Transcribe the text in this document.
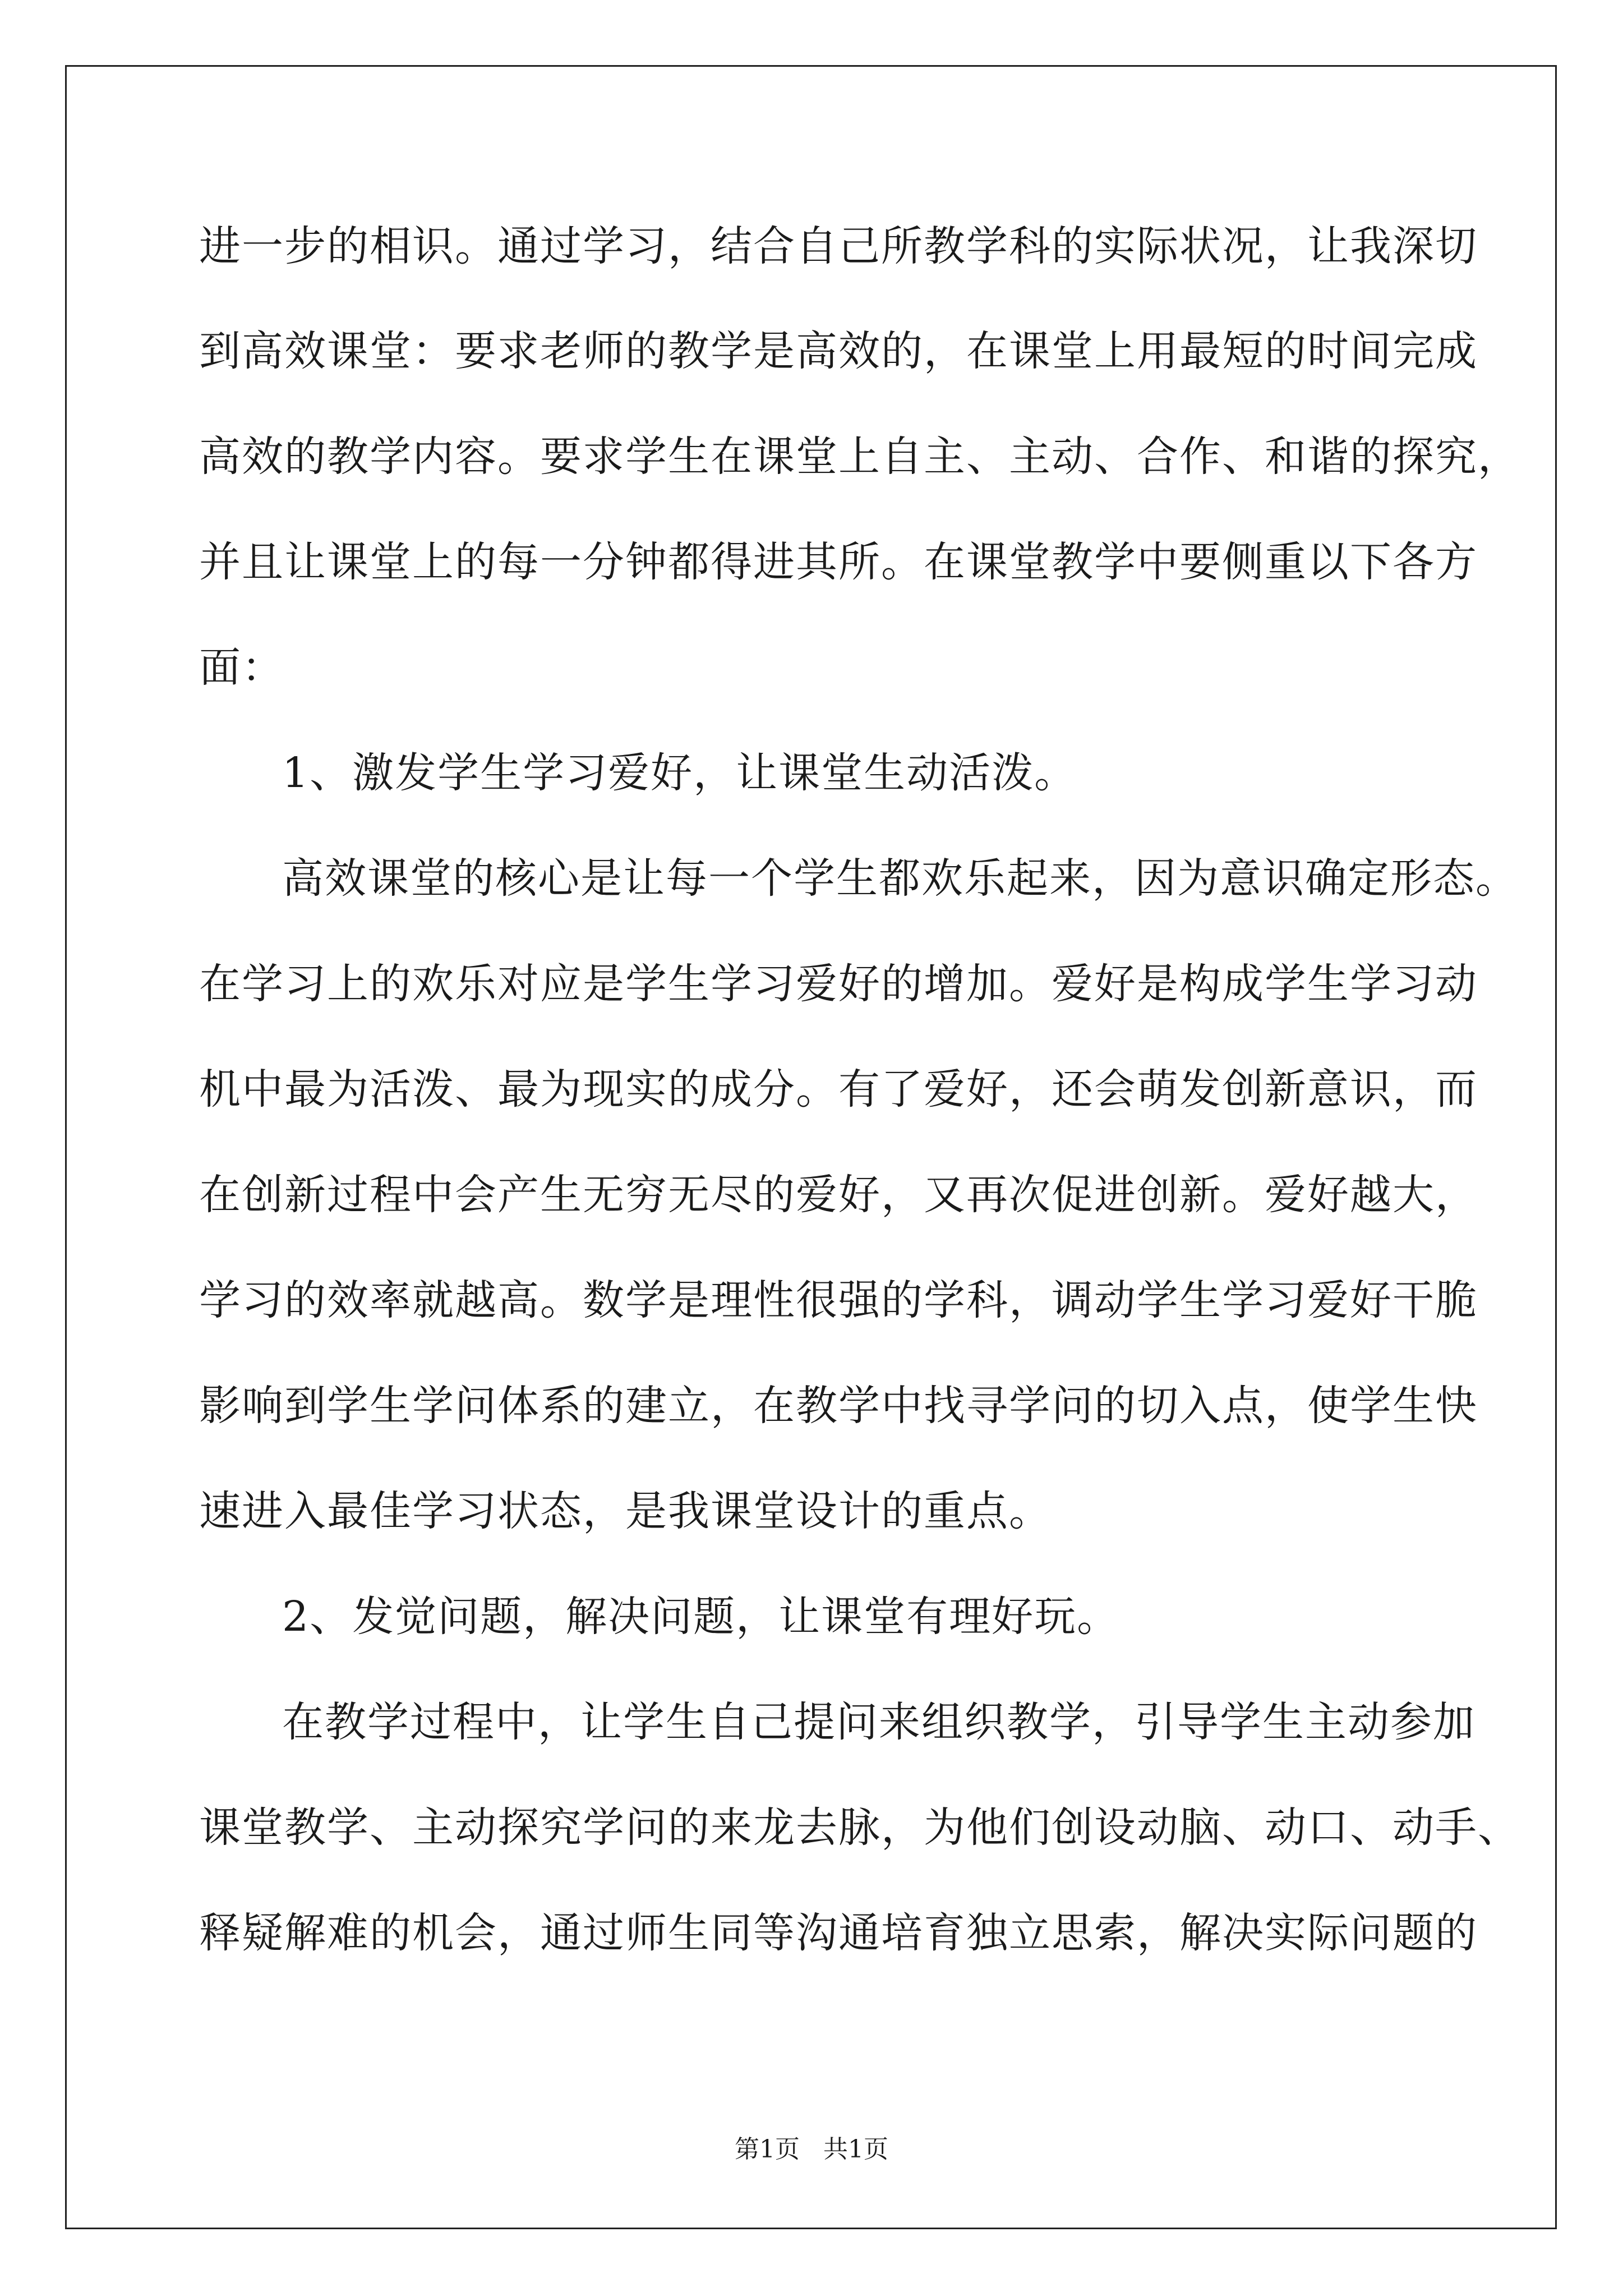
进一步的相识。通过学习，结合自己所教学科的实际状况，让我深切
到高效课堂：要求老师的教学是高效的，在课堂上用最短的时间完成
高效的教学内容。要求学生在课堂上自主、主动、合作、和谐的探究，
并且让课堂上的每一分钟都得进其所。在课堂教学中要侧重以下各方
面：
1、激发学生学习爱好，让课堂生动活泼。
高效课堂的核心是让每一个学生都欢乐起来，因为意识确定形态。
在学习上的欢乐对应是学生学习爱好的增加。爱好是构成学生学习动
机中最为活泼、最为现实的成分。有了爱好，还会萌发创新意识，而
在创新过程中会产生无穷无尽的爱好，又再次促进创新。爱好越大，
学习的效率就越高。数学是理性很强的学科，调动学生学习爱好干脆
影响到学生学问体系的建立，在教学中找寻学问的切入点，使学生快
速进入最佳学习状态，是我课堂设计的重点。
2、发觉问题，解决问题，让课堂有理好玩。
在教学过程中，让学生自己提问来组织教学，引导学生主动参加
课堂教学、主动探究学问的来龙去脉，为他们创设动脑、动口、动手、
释疑解难的机会，通过师生同等沟通培育独立思索，解决实际问题的
第1页   共1页
